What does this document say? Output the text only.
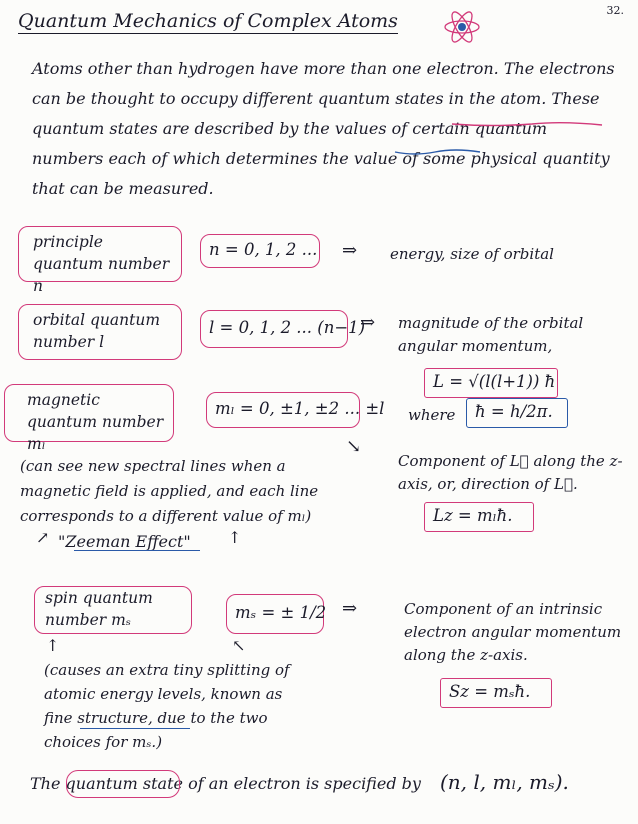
32.
Quantum Mechanics of Complex Atoms
Atoms other than hydrogen have more than one electron. The electrons can be thought to occupy different quantum states in the atom. These quantum states are described by the values of certain quantum numbers each of which determines the value of some physical quantity that can be measured.
principle quantum number n
n = 0, 1, 2 ... ⇒ energy, size of orbital
orbital quantum number l
l = 0, 1, 2 ... (n−1)
⇒ magnitude of the orbital angular momentum,
L = √(l(l+1)) ħ
where ħ = h/2π.
magnetic quantum number mₗ
mₗ = 0, ±1, ±2 ... ±l
↘
Component of L⃗ along the z-axis, or, direction of L⃗.
Lz = mₗħ.
(can see new spectral lines when a magnetic field is applied, and each line corresponds to a different value of mₗ)
"Zeeman Effect"
↗	↑
spin quantum number mₛ	mₛ = ± 1/2 ⇒	Component of an intrinsic electron angular momentum along the z-axis.
Sz = mₛħ.
↑	↖
(causes an extra tiny splitting of atomic energy levels, known as fine structure, due to the two choices for mₛ.)
The quantum state of an electron is specified by (n, l, mₗ, mₛ).
